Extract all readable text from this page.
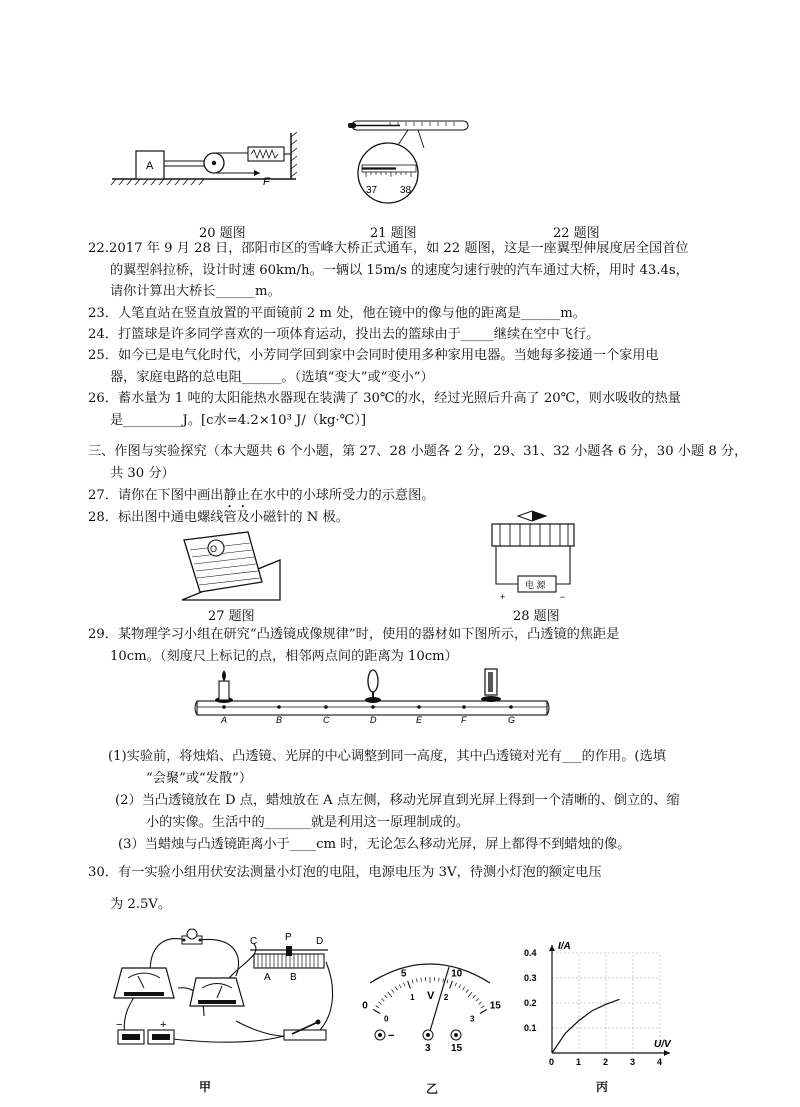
A
F
37 38
20 题图	21 题图	22 题图
22.2017 年 9 月 28 日，邵阳市区的雪峰大桥正式通车，如 22 题图，这是一座翼型伸展度居全国首位
的翼型斜拉桥，设计时速 60km/h。一辆以 15m/s 的速度匀速行驶的汽车通过大桥，用时 43.4s，
请你计算出大桥长______m。
23．人笔直站在竖直放置的平面镜前 2 m 处，他在镜中的像与他的距离是______m。
24．打篮球是许多同学喜欢的一项体育运动，投出去的篮球由于_____继续在空中飞行。
25．如今已是电气化时代，小芳同学回到家中会同时使用多种家用电器。当她每多接通一个家用电
器，家庭电路的总电阻______。（选填“变大”或“变小”）
26．蓄水量为 1 吨的太阳能热水器现在装满了 30℃的水，经过光照后升高了 20℃，则水吸收的热量
是_________J。[c水=4.2×10³ J/（kg·℃）]
三、作图与实验探究（本大题共 6 个小题，第 27、28 小题各 2 分，29、31、32 小题各 6 分，30 小题 8 分，
共 30 分）
27．请你在下图中画出静止在水中的小球所受力的示意图。
28．标出图中通电螺线管及小磁针的 N 极。
O
电 源
+	−
27 题图	28 题图
29．某物理学习小组在研究“凸透镜成像规律”时，使用的器材如下图所示，凸透镜的焦距是
10cm。（刻度尺上标记的点，相邻两点间的距离为 10cm）
A	B	C	D	E	F	G
(1)实验前，将烛焰、凸透镜、光屏的中心调整到同一高度，其中凸透镜对光有___的作用。(选填
“会聚”或“发散”）
(2）当凸透镜放在 D 点，蜡烛放在 A 点左侧，移动光屏直到光屏上得到一个清晰的、倒立的、缩
小的实像。生活中的_______就是利用这一原理制成的。
(3）当蜡烛与凸透镜距离小于____cm 时，无论怎么移动光屏，屏上都得不到蜡烛的像。
30．有一实验小组用伏安法测量小灯泡的电阻，电源电压为 3V，待测小灯泡的额定电压
为 2.5V。
−	+
C	P D
A B
甲
0
5	10
15
0
1	2
3
V
−
3 15
乙
0.4
0.3
0.2
0.1
0 1 2 3 4
I/A
U/V
丙
